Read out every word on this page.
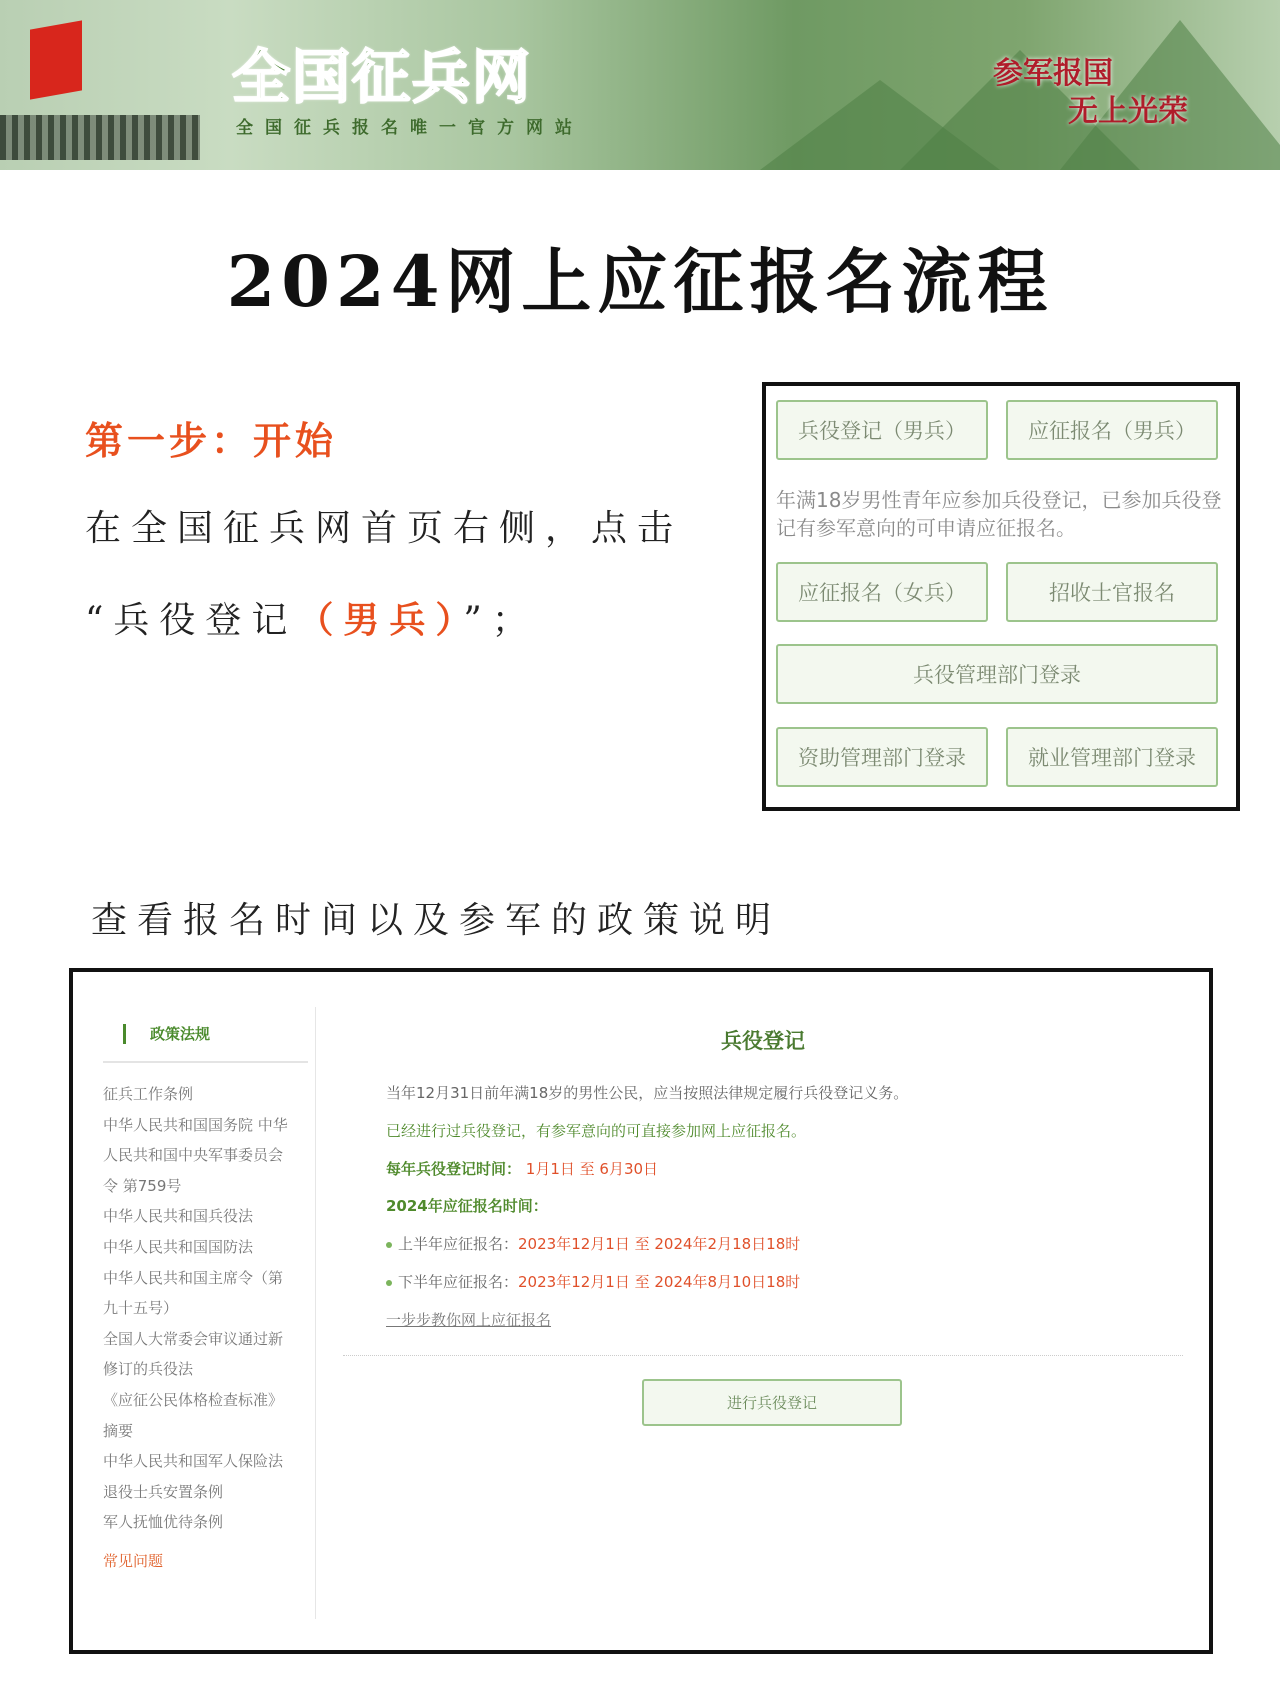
全国征兵网
全国征兵报名唯一官方网站
参军报国
无上光荣
2024网上应征报名流程
第一步：开始
在全国征兵网首页右侧，点击
“兵役登记（男兵）”；
兵役登记（男兵）	应征报名（男兵）
年满18岁男性青年应参加兵役登记，已参加兵役登记有参军意向的可申请应征报名。
应征报名（女兵）	招收士官报名
兵役管理部门登录
资助管理部门登录	就业管理部门登录
查看报名时间以及参军的政策说明
政策法规
征兵工作条例
中华人民共和国国务院 中华
人民共和国中央军事委员会
令 第759号
中华人民共和国兵役法
中华人民共和国国防法
中华人民共和国主席令（第
九十五号）
全国人大常委会审议通过新
修订的兵役法
《应征公民体格检查标准》
摘要
中华人民共和国军人保险法
退役士兵安置条例
军人抚恤优待条例
常见问题
兵役登记
当年12月31日前年满18岁的男性公民，应当按照法律规定履行兵役登记义务。
已经进行过兵役登记，有参军意向的可直接参加网上应征报名。
每年兵役登记时间： 1月1日 至 6月30日
2024年应征报名时间：
上半年应征报名：2023年12月1日 至 2024年2月18日18时
下半年应征报名：2023年12月1日 至 2024年8月10日18时
一步步教你网上应征报名
进行兵役登记
